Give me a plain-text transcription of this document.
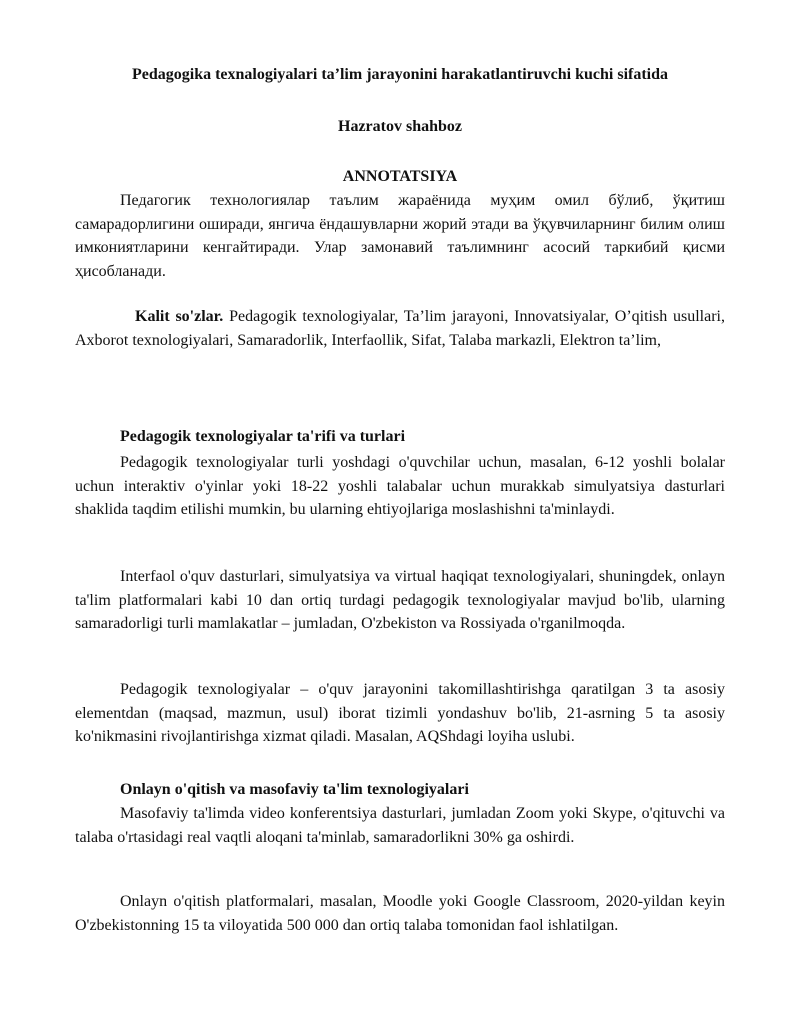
Pedagogika texnalogiyalari ta’lim jarayonini harakatlantiruvchi kuchi sifatida
Hazratov shahboz
ANNOTATSIYA
Педагогик технологиялар таълим жараёнида муҳим омил бўлиб, ўқитиш самарадорлигини оширади, янгича ёндашувларни жорий этади ва ўқувчиларнинг билим олиш имкониятларини кенгайтиради. Улар замонавий таълимнинг асосий таркибий қисми ҳисобланади.
Kalit so'zlar. Pedagogik texnologiyalar, Ta’lim jarayoni, Innovatsiyalar, O’qitish usullari, Axborot texnologiyalari, Samaradorlik, Interfaollik, Sifat, Talaba markazli, Elektron ta’lim,
Pedagogik texnologiyalar ta'rifi va turlari
Pedagogik texnologiyalar turli yoshdagi o'quvchilar uchun, masalan, 6-12 yoshli bolalar uchun interaktiv o'yinlar yoki 18-22 yoshli talabalar uchun murakkab simulyatsiya dasturlari shaklida taqdim etilishi mumkin, bu ularning ehtiyojlariga moslashishni ta'minlaydi.
Interfaol o'quv dasturlari, simulyatsiya va virtual haqiqat texnologiyalari, shuningdek, onlayn ta'lim platformalari kabi 10 dan ortiq turdagi pedagogik texnologiyalar mavjud bo'lib, ularning samaradorligi turli mamlakatlar – jumladan, O'zbekiston va Rossiyada o'rganilmoqda.
Pedagogik texnologiyalar – o'quv jarayonini takomillashtirishga qaratilgan 3 ta asosiy elementdan (maqsad, mazmun, usul) iborat tizimli yondashuv bo'lib, 21-asrning 5 ta asosiy ko'nikmasini rivojlantirishga xizmat qiladi. Masalan, AQShdagi loyiha uslubi.
Onlayn o'qitish va masofaviy ta'lim texnologiyalari
Masofaviy ta'limda video konferentsiya dasturlari, jumladan Zoom yoki Skype, o'qituvchi va talaba o'rtasidagi real vaqtli aloqani ta'minlab, samaradorlikni 30% ga oshirdi.
Onlayn o'qitish platformalari, masalan, Moodle yoki Google Classroom, 2020-yildan keyin O'zbekistonning 15 ta viloyatida 500 000 dan ortiq talaba tomonidan faol ishlatilgan.
